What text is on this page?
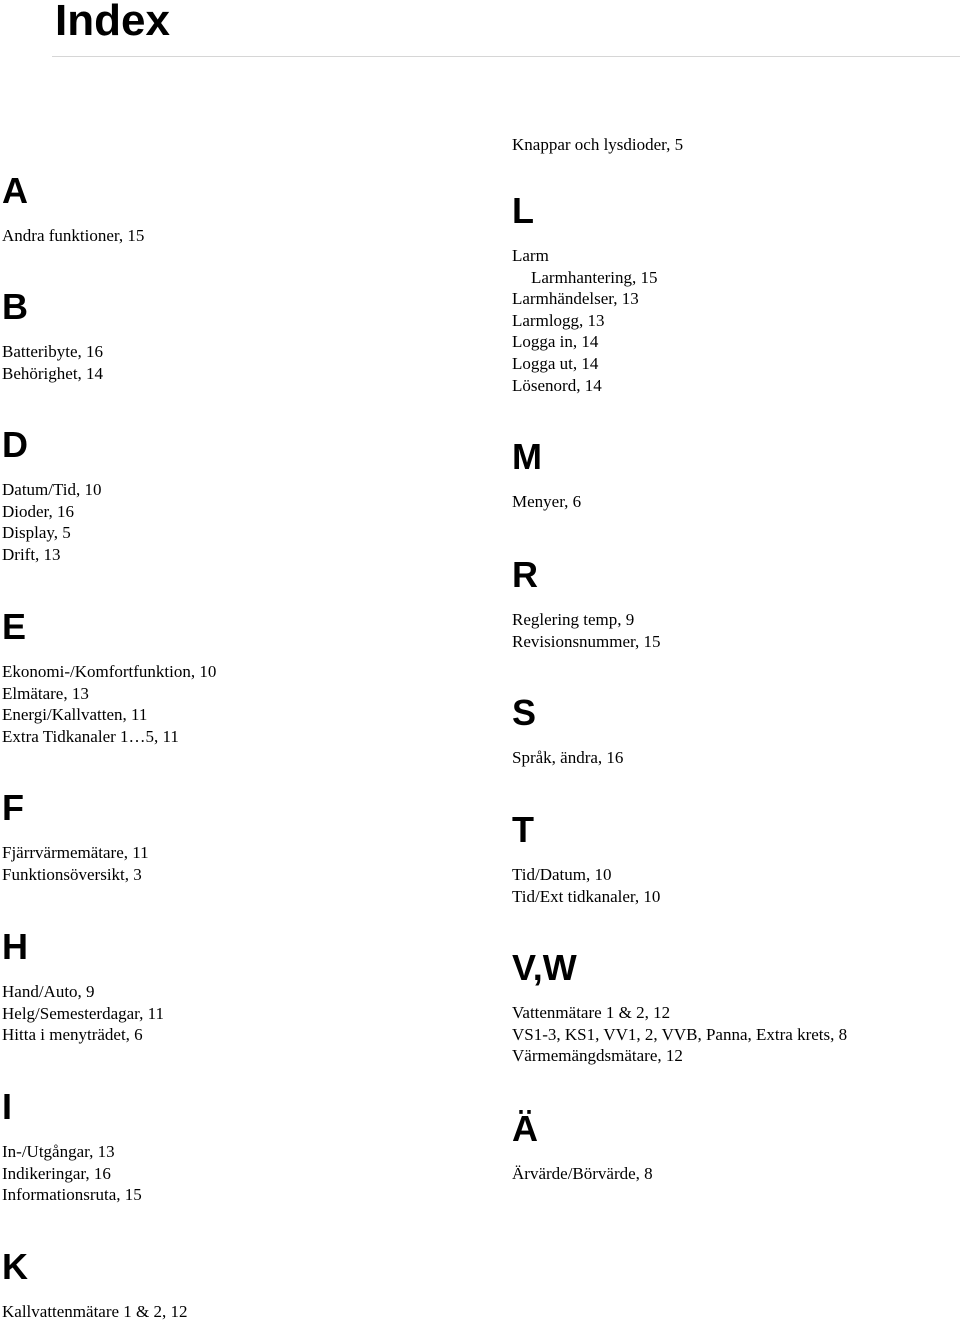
Index
A
Andra funktioner, 15
B
Batteribyte, 16
Behörighet, 14
D
Datum/Tid, 10
Dioder, 16
Display, 5
Drift, 13
E
Ekonomi-/Komfortfunktion, 10
Elmätare, 13
Energi/Kallvatten, 11
Extra Tidkanaler 1…5, 11
F
Fjärrvärmemätare, 11
Funktionsöversikt, 3
H
Hand/Auto, 9
Helg/Semesterdagar, 11
Hitta i menyträdet, 6
I
In-/Utgångar, 13
Indikeringar, 16
Informationsruta, 15
K
Kallvattenmätare 1 & 2, 12
Knappar och lysdioder, 5
L
Larm
Larmhantering, 15
Larmhändelser, 13
Larmlogg, 13
Logga in, 14
Logga ut, 14
Lösenord, 14
M
Menyer, 6
R
Reglering temp, 9
Revisionsnummer, 15
S
Språk, ändra, 16
T
Tid/Datum, 10
Tid/Ext tidkanaler, 10
V,W
Vattenmätare 1 & 2, 12
VS1-3, KS1, VV1, 2, VVB, Panna, Extra krets, 8
Värmemängdsmätare, 12
Ä
Ärvärde/Börvärde, 8
